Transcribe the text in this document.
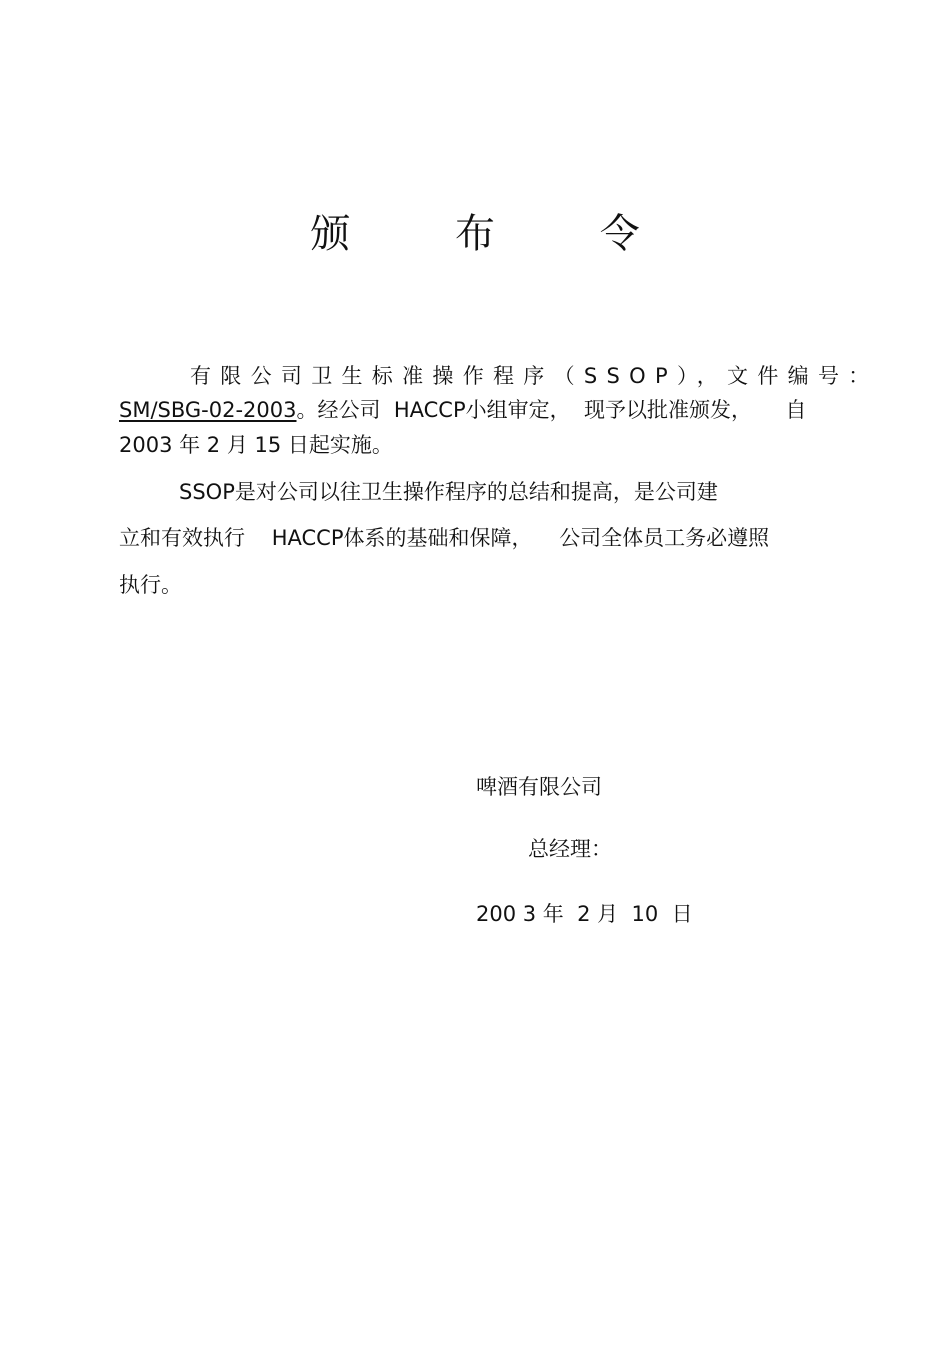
颁 布 令
有限公司卫生标准操作程序（SSOP），文件编号：
SM/SBG-02-2003。经公司  HACCP小组审定，  现予以批准颁发，     自
2003 年 2 月 15 日起实施。
SSOP是对公司以往卫生操作程序的总结和提高，是公司建
立和有效执行    HACCP体系的基础和保障，    公司全体员工务必遵照
执行。
啤酒有限公司
总经理：
200 3 年  2 月  10  日
